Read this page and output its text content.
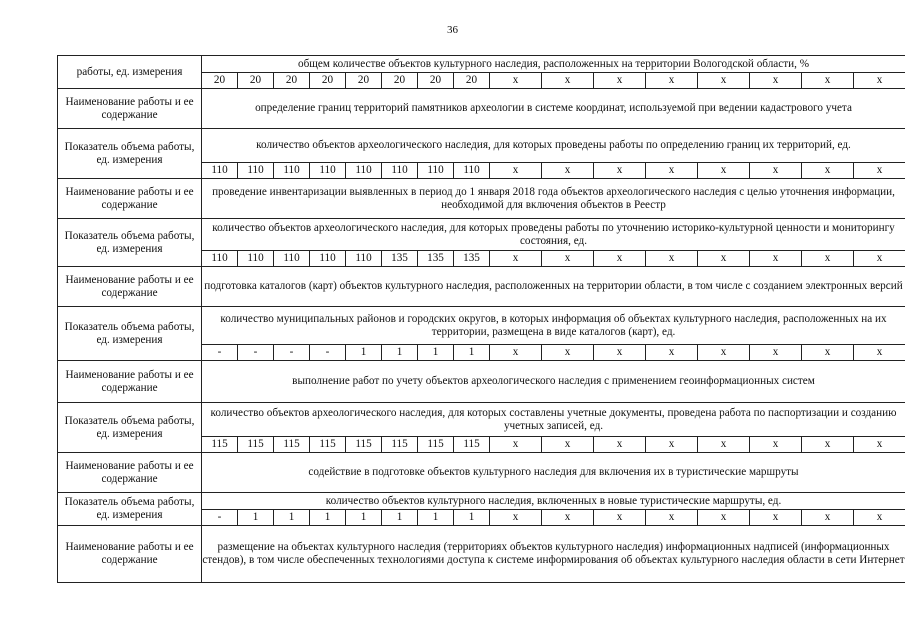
36
работы, ед. измерения	общем количестве объектов культурного наследия, расположенных на территории Вологодской области, %															
	20	20	20	20	20	20	20	20	х	х	х	х	х	х	х	х
Наименование работы и ее содержание	определение границ территорий памятников археологии в системе координат, используемой при ведении кадастрового учета															
Показатель объема работы, ед. измерения	количество объектов археологического наследия, для которых проведены работы по определению границ их территорий, ед.															
	110	110	110	110	110	110	110	110	х	х	х	х	х	х	х	х
Наименование работы и ее содержание	проведение инвентаризации выявленных в период до 1 января 2018 года объектов археологического наследия с целью уточнения информации, необходимой для включения объектов в Реестр															
Показатель объема работы, ед. измерения	количество объектов археологического наследия, для которых проведены работы по уточнению историко-культурной ценности и мониторингу состояния, ед.															
	110	110	110	110	110	135	135	135	х	х	х	х	х	х	х	х
Наименование работы и ее содержание	подготовка каталогов (карт) объектов культурного наследия, расположенных на территории области, в том числе с созданием электронных версий															
Показатель объема работы, ед. измерения	количество муниципальных районов и городских округов, в которых информация об объектах культурного наследия, расположенных на их территории, размещена в виде каталогов (карт), ед.															
	-	-	-	-	1	1	1	1	х	х	х	х	х	х	х	х
Наименование работы и ее содержание	выполнение работ по учету объектов археологического наследия с применением геоинформационных систем															
Показатель объема работы, ед. измерения	количество объектов археологического наследия, для которых составлены учетные документы, проведена работа по паспортизации и созданию учетных записей, ед.															
	115	115	115	115	115	115	115	115	х	х	х	х	х	х	х	х
Наименование работы и ее содержание	содействие в подготовке объектов культурного наследия для включения их в туристические маршруты															
Показатель объема работы, ед. измерения	количество объектов культурного наследия, включенных в новые туристические маршруты, ед.															
	-	1	1	1	1	1	1	1	х	х	х	х	х	х	х	х
Наименование работы и ее содержание	размещение на объектах культурного наследия (территориях объектов культурного наследия) информационных надписей (информационных стендов), в том числе обеспеченных технологиями доступа к системе информирования об объектах культурного наследия области в сети Интернет															
